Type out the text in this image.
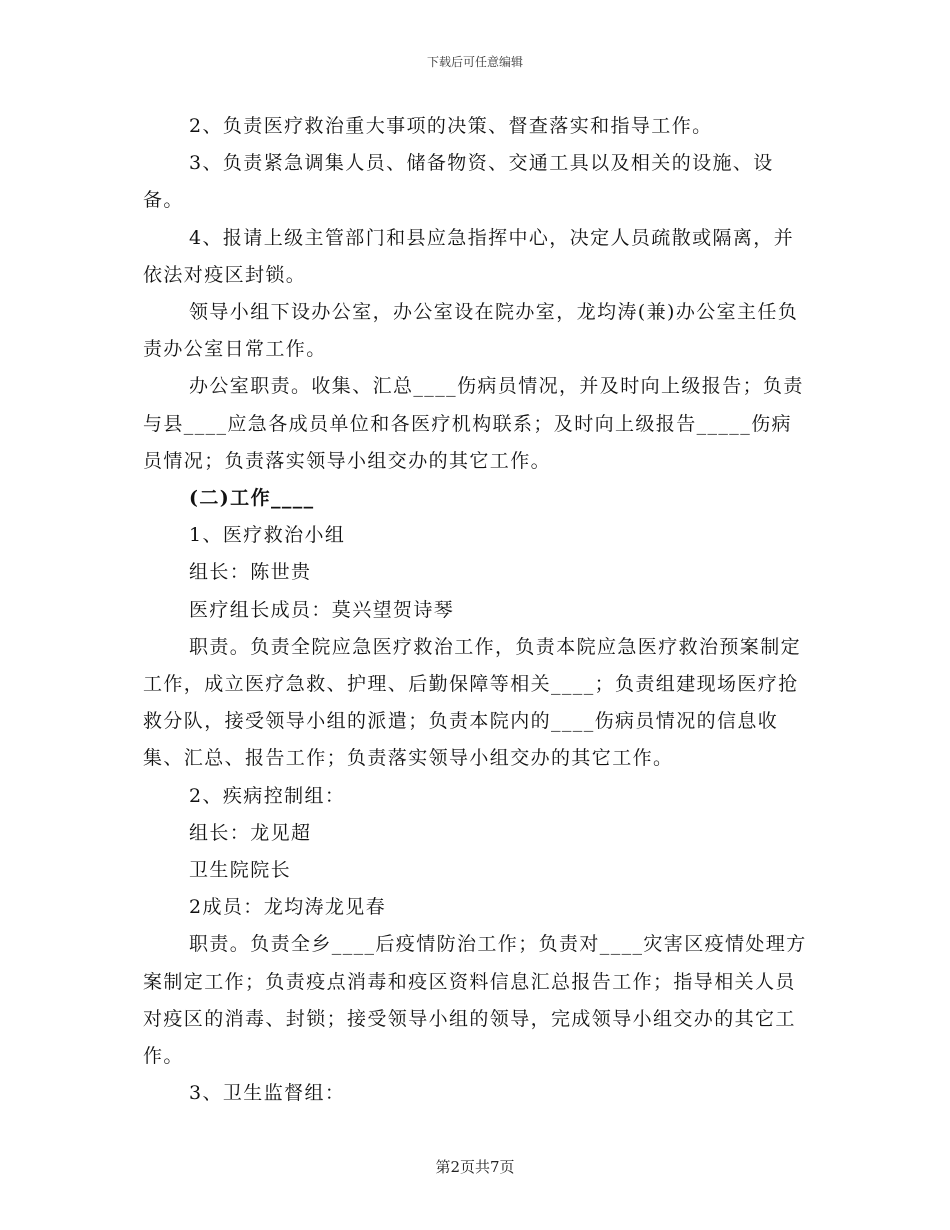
下载后可任意编辑

2、负责医疗救治重大事项的决策、督查落实和指导工作。

3、负责紧急调集人员、储备物资、交通工具以及相关的设施、设备。

4、报请上级主管部门和县应急指挥中心，决定人员疏散或隔离，并依法对疫区封锁。

领导小组下设办公室，办公室设在院办室，龙均涛(兼)办公室主任负责办公室日常工作。

办公室职责。收集、汇总____伤病员情况，并及时向上级报告；负责与县____应急各成员单位和各医疗机构联系；及时向上级报告_____伤病员情况；负责落实领导小组交办的其它工作。

(二)工作____

1、医疗救治小组

组长：陈世贵

医疗组长成员：莫兴望贺诗琴

职责。负责全院应急医疗救治工作，负责本院应急医疗救治预案制定工作，成立医疗急救、护理、后勤保障等相关____；负责组建现场医疗抢救分队，接受领导小组的派遣；负责本院内的____伤病员情况的信息收集、汇总、报告工作；负责落实领导小组交办的其它工作。

2、疾病控制组：

组长：龙见超

卫生院院长

2成员：龙均涛龙见春

职责。负责全乡____后疫情防治工作；负责对____灾害区疫情处理方案制定工作；负责疫点消毒和疫区资料信息汇总报告工作；指导相关人员对疫区的消毒、封锁；接受领导小组的领导，完成领导小组交办的其它工作。

3、卫生监督组：

第2页共7页
